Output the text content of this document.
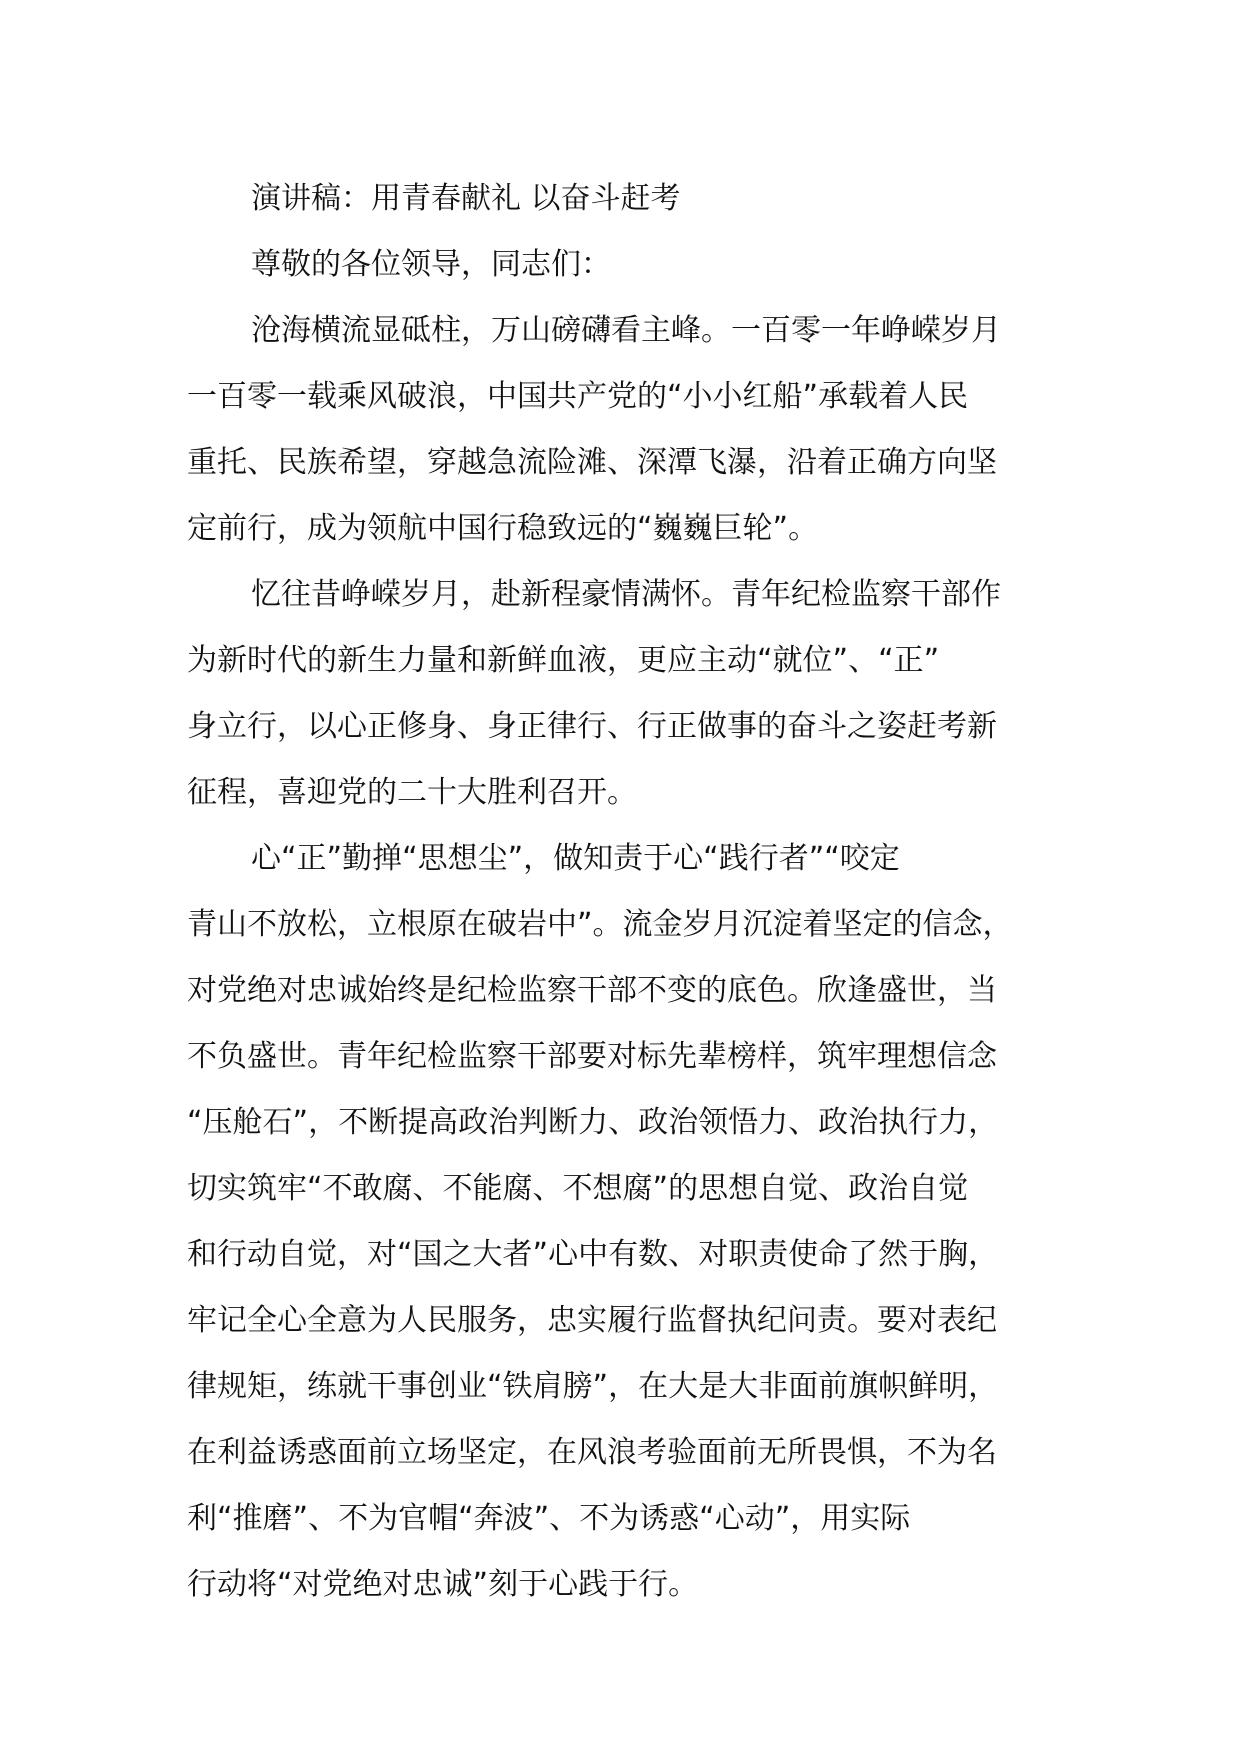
演讲稿：用青春献礼 以奋斗赶考
尊敬的各位领导，同志们：
沧海横流显砥柱，万山磅礴看主峰。一百零一年峥嵘岁月
一百零一载乘风破浪，中国共产党的“小小红船”承载着人民
重托、民族希望，穿越急流险滩、深潭飞瀑，沿着正确方向坚
定前行，成为领航中国行稳致远的“巍巍巨轮”。
忆往昔峥嵘岁月，赴新程豪情满怀。青年纪检监察干部作
为新时代的新生力量和新鲜血液，更应主动“就位”、“正”
身立行，以心正修身、身正律行、行正做事的奋斗之姿赶考新
征程，喜迎党的二十大胜利召开。
心“正”勤掸“思想尘”，做知责于心“践行者”“咬定
青山不放松，立根原在破岩中”。流金岁月沉淀着坚定的信念，
对党绝对忠诚始终是纪检监察干部不变的底色。欣逢盛世，当
不负盛世。青年纪检监察干部要对标先辈榜样，筑牢理想信念
“压舱石”，不断提高政治判断力、政治领悟力、政治执行力，
切实筑牢“不敢腐、不能腐、不想腐”的思想自觉、政治自觉
和行动自觉，对“国之大者”心中有数、对职责使命了然于胸，
牢记全心全意为人民服务，忠实履行监督执纪问责。要对表纪
律规矩，练就干事创业“铁肩膀”，在大是大非面前旗帜鲜明，
在利益诱惑面前立场坚定，在风浪考验面前无所畏惧，不为名
利“推磨”、不为官帽“奔波”、不为诱惑“心动”，用实际
行动将“对党绝对忠诚”刻于心践于行。
